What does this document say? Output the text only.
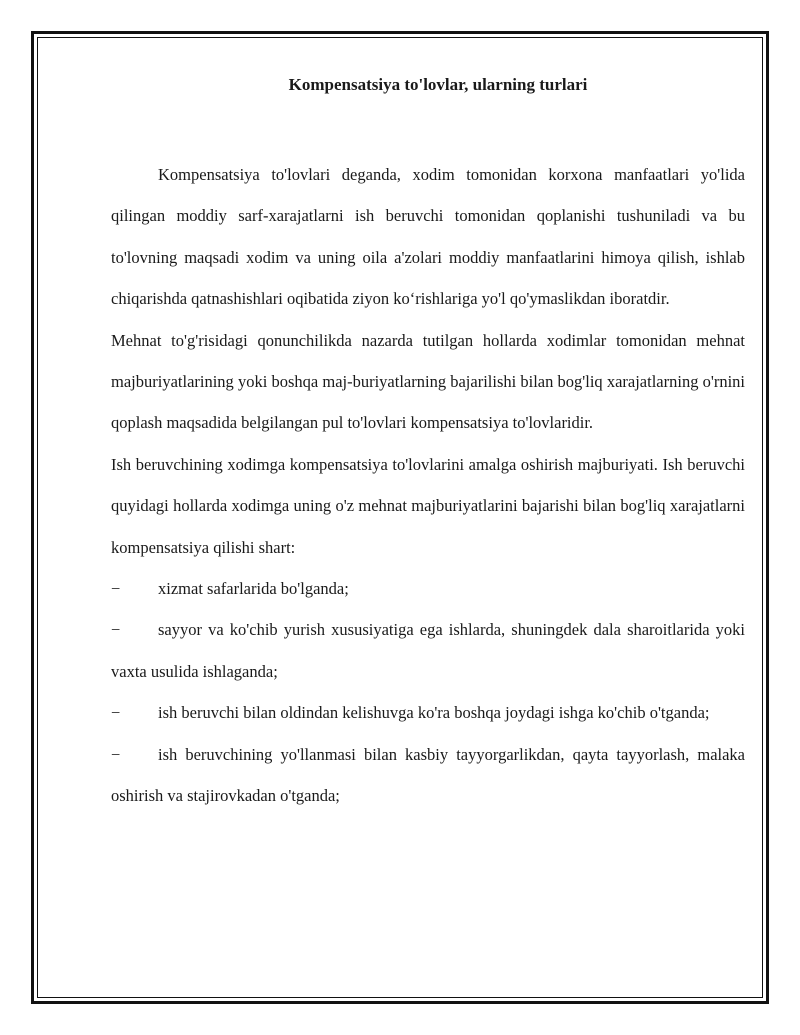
Kompensatsiya to'lovlar, ularning turlari

Kompensatsiya to'lovlari deganda, xodim tomonidan korxona manfaatlari yo'lida qilingan moddiy sarf-xarajatlarni ish beruvchi tomonidan qoplanishi tushuniladi va bu to'lovning maqsadi xodim va uning oila a'zolari moddiy manfaatlarini himoya qilish, ishlab chiqarishda qatnashishlari oqibatida ziyon ko‘rishlariga yo'l qo'ymaslikdan iboratdir.

Mehnat to'g'risidagi qonunchilikda nazarda tutilgan hollarda xodimlar tomonidan mehnat majburiyatlarining yoki boshqa maj-buriyatlarning bajarilishi bilan bog'liq xarajatlarning o'rnini qoplash maqsadida belgilangan pul to'lovlari kompensatsiya to'lovlaridir.

Ish beruvchining xodimga kompensatsiya to'lovlarini amalga oshirish majburiyati. Ish beruvchi quyidagi hollarda xodimga uning o'z mehnat majburiyatlarini bajarishi bilan bog'liq xarajatlarni kompensatsiya qilishi shart:

− xizmat safarlarida bo'lganda;

− sayyor va ko'chib yurish xususiyatiga ega ishlarda, shuningdek dala sharoitlarida yoki vaxta usulida ishlaganda;

− ish beruvchi bilan oldindan kelishuvga ko'ra boshqa joydagi ishga ko'chib o'tganda;

− ish beruvchining yo'llanmasi bilan kasbiy tayyorgarlikdan, qayta tayyorlash, malaka oshirish va stajirovkadan o'tganda;
